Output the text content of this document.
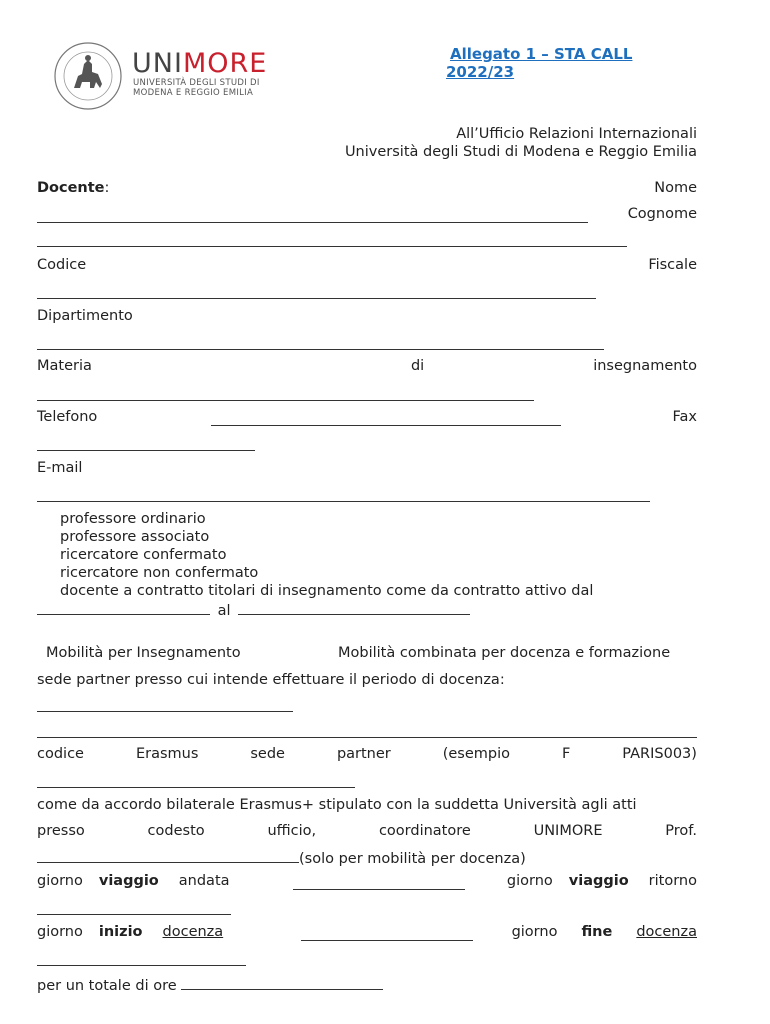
UNIMORE
UNIVERSITÀ DEGLI STUDI DI
MODENA E REGGIO EMILIA
Allegato 1 – STA CALL
2022/23
All’Ufficio Relazioni Internazionali
Università degli Studi di Modena e Reggio Emilia
Docente:	Nome
Cognome
Codice	Fiscale
Dipartimento
Materia	di	insegnamento
Telefono	Fax
E-mail
professore ordinario
professore associato
ricercatore confermato
ricercatore non confermato
docente a contratto titolari di insegnamento come da contratto attivo dal
al
Mobilità per Insegnamento	Mobilità combinata per docenza e formazione
sede partner presso cui intende effettuare il periodo di docenza:
codice	Erasmus	sede	partner	(esempio	F	PARIS003)
come da accordo bilaterale Erasmus+ stipulato con la suddetta Università agli atti
presso	codesto	ufficio,	coordinatore	UNIMORE	Prof.
(solo per mobilità per docenza)
giorno viaggio andata	giorno viaggio ritorno
giorno inizio docenza	giorno fine docenza
per un totale di ore
